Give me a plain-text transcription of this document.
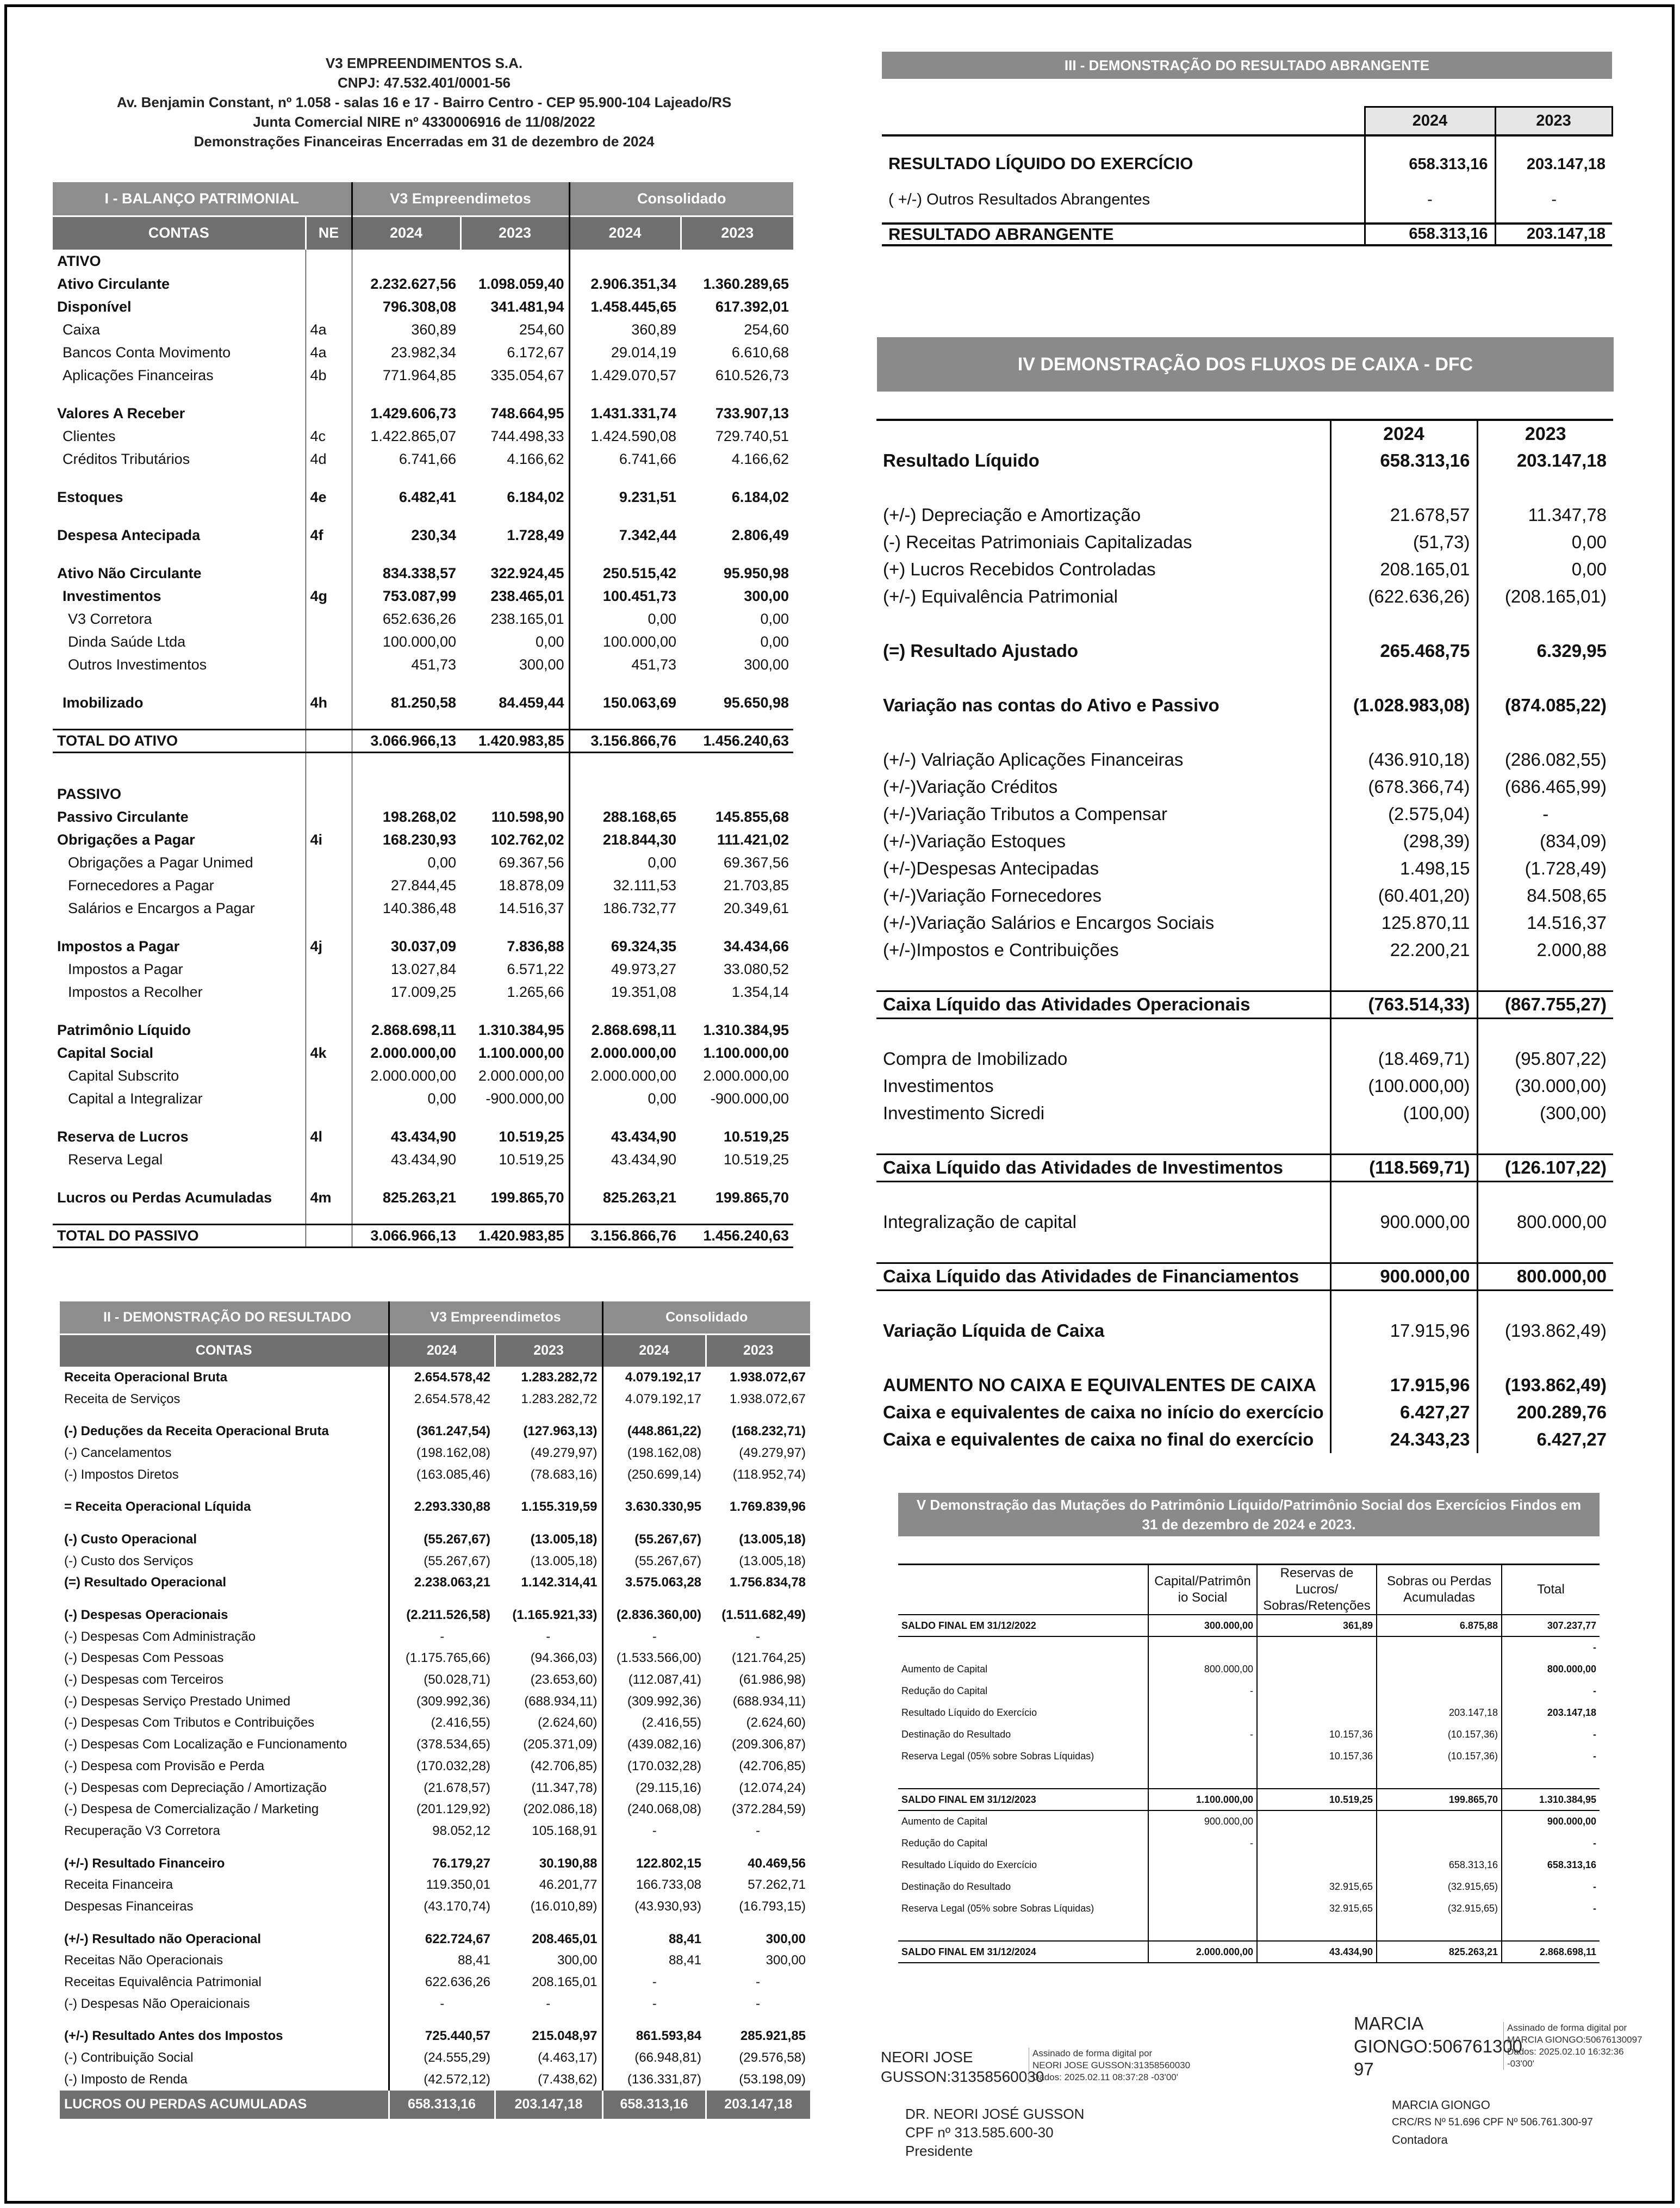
V3 EMPREENDIMENTOS S.A.
CNPJ: 47.532.401/0001-56
Av. Benjamin Constant, nº 1.058 - salas 16 e 17 - Bairro Centro - CEP 95.900-104 Lajeado/RS
Junta Comercial NIRE nº 4330006916 de 11/08/2022
Demonstrações Financeiras Encerradas em 31 de dezembro de 2024
I - BALANÇO PATRIMONIAL		V3 Empreendimetos		Consolidado	
CONTAS	NE	2024	2023	2024	2023
ATIVO					
Ativo Circulante		2.232.627,56	1.098.059,40	2.906.351,34	1.360.289,65
Disponível		796.308,08	341.481,94	1.458.445,65	617.392,01
Caixa	4a	360,89	254,60	360,89	254,60
Bancos Conta Movimento	4a	23.982,34	6.172,67	29.014,19	6.610,68
Aplicações Financeiras	4b	771.964,85	335.054,67	1.429.070,57	610.526,73

Valores A Receber		1.429.606,73	748.664,95	1.431.331,74	733.907,13
Clientes	4c	1.422.865,07	744.498,33	1.424.590,08	729.740,51
Créditos Tributários	4d	6.741,66	4.166,62	6.741,66	4.166,62

Estoques	4e	6.482,41	6.184,02	9.231,51	6.184,02

Despesa Antecipada	4f	230,34	1.728,49	7.342,44	2.806,49

Ativo Não Circulante		834.338,57	322.924,45	250.515,42	95.950,98
Investimentos	4g	753.087,99	238.465,01	100.451,73	300,00
V3 Corretora		652.636,26	238.165,01	0,00	0,00
Dinda Saúde Ltda		100.000,00	0,00	100.000,00	0,00
Outros Investimentos		451,73	300,00	451,73	300,00

Imobilizado	4h	81.250,58	84.459,44	150.063,69	95.650,98

TOTAL DO ATIVO		3.066.966,13	1.420.983,85	3.156.866,76	1.456.240,63

PASSIVO					
Passivo Circulante		198.268,02	110.598,90	288.168,65	145.855,68
Obrigações a Pagar	4i	168.230,93	102.762,02	218.844,30	111.421,02
Obrigações a Pagar Unimed		0,00	69.367,56	0,00	69.367,56
Fornecedores a Pagar		27.844,45	18.878,09	32.111,53	21.703,85
Salários e Encargos a Pagar		140.386,48	14.516,37	186.732,77	20.349,61

Impostos a Pagar	4j	30.037,09	7.836,88	69.324,35	34.434,66
Impostos a Pagar		13.027,84	6.571,22	49.973,27	33.080,52
Impostos a Recolher		17.009,25	1.265,66	19.351,08	1.354,14

Patrimônio Líquido		2.868.698,11	1.310.384,95	2.868.698,11	1.310.384,95
Capital Social	4k	2.000.000,00	1.100.000,00	2.000.000,00	1.100.000,00
Capital Subscrito		2.000.000,00	2.000.000,00	2.000.000,00	2.000.000,00
Capital a Integralizar		0,00	-900.000,00	0,00	-900.000,00

Reserva de Lucros	4l	43.434,90	10.519,25	43.434,90	10.519,25
Reserva Legal		43.434,90	10.519,25	43.434,90	10.519,25

Lucros ou Perdas Acumuladas	4m	825.263,21	199.865,70	825.263,21	199.865,70

TOTAL DO PASSIVO		3.066.966,13	1.420.983,85	3.156.866,76	1.456.240,63
II - DEMONSTRAÇÃO DO RESULTADO	V3 Empreendimetos		Consolidado	
CONTAS	2024	2023	2024	2023
Receita Operacional Bruta	2.654.578,42	1.283.282,72	4.079.192,17	1.938.072,67
Receita de Serviços	2.654.578,42	1.283.282,72	4.079.192,17	1.938.072,67

(-) Deduções da Receita Operacional Bruta	(361.247,54)	(127.963,13)	(448.861,22)	(168.232,71)
(-) Cancelamentos	(198.162,08)	(49.279,97)	(198.162,08)	(49.279,97)
(-) Impostos Diretos	(163.085,46)	(78.683,16)	(250.699,14)	(118.952,74)

= Receita Operacional Líquida	2.293.330,88	1.155.319,59	3.630.330,95	1.769.839,96

(-) Custo Operacional	(55.267,67)	(13.005,18)	(55.267,67)	(13.005,18)
(-) Custo dos Serviços	(55.267,67)	(13.005,18)	(55.267,67)	(13.005,18)
(=) Resultado Operacional	2.238.063,21	1.142.314,41	3.575.063,28	1.756.834,78

(-) Despesas Operacionais	(2.211.526,58)	(1.165.921,33)	(2.836.360,00)	(1.511.682,49)
(-) Despesas Com Administração	-	-	-	-
(-) Despesas Com Pessoas	(1.175.765,66)	(94.366,03)	(1.533.566,00)	(121.764,25)
(-) Despesas com Terceiros	(50.028,71)	(23.653,60)	(112.087,41)	(61.986,98)
(-) Despesas Serviço Prestado Unimed	(309.992,36)	(688.934,11)	(309.992,36)	(688.934,11)
(-) Despesas Com Tributos e Contribuições	(2.416,55)	(2.624,60)	(2.416,55)	(2.624,60)
(-) Despesas Com Localização e Funcionamento	(378.534,65)	(205.371,09)	(439.082,16)	(209.306,87)
(-) Despesa com Provisão e Perda	(170.032,28)	(42.706,85)	(170.032,28)	(42.706,85)
(-) Despesas com Depreciação / Amortização	(21.678,57)	(11.347,78)	(29.115,16)	(12.074,24)
(-) Despesa de Comercialização / Marketing	(201.129,92)	(202.086,18)	(240.068,08)	(372.284,59)
Recuperação V3 Corretora	98.052,12	105.168,91	-	-

(+/-) Resultado Financeiro	76.179,27	30.190,88	122.802,15	40.469,56
Receita Financeira	119.350,01	46.201,77	166.733,08	57.262,71
Despesas Financeiras	(43.170,74)	(16.010,89)	(43.930,93)	(16.793,15)

(+/-) Resultado não Operacional	622.724,67	208.465,01	88,41	300,00
Receitas Não Operacionais	88,41	300,00	88,41	300,00
Receitas Equivalência Patrimonial	622.636,26	208.165,01	-	-
(-) Despesas Não Operaicionais	-	-	-	-

(+/-) Resultado Antes dos Impostos	725.440,57	215.048,97	861.593,84	285.921,85
(-) Contribuição Social	(24.555,29)	(4.463,17)	(66.948,81)	(29.576,58)
(-) Imposto de Renda	(42.572,12)	(7.438,62)	(136.331,87)	(53.198,09)
LUCROS OU PERDAS ACUMULADAS	658.313,16	203.147,18	658.313,16	203.147,18
III - DEMONSTRAÇÃO DO RESULTADO ABRANGENTE
	2024	2023
RESULTADO LÍQUIDO DO EXERCÍCIO	658.313,16	203.147,18
( +/-) Outros Resultados Abrangentes	-	-
RESULTADO ABRANGENTE	658.313,16	203.147,18
IV DEMONSTRAÇÃO DOS FLUXOS DE CAIXA - DFC
	2024	2023
Resultado Líquido	658.313,16	203.147,18

(+/-) Depreciação e Amortização	21.678,57	11.347,78
(-) Receitas Patrimoniais Capitalizadas	(51,73)	0,00
(+) Lucros Recebidos Controladas	208.165,01	0,00
(+/-) Equivalência Patrimonial	(622.636,26)	(208.165,01)

(=) Resultado Ajustado	265.468,75	6.329,95

Variação nas contas do Ativo e Passivo	(1.028.983,08)	(874.085,22)

(+/-) Valriação Aplicações Financeiras	(436.910,18)	(286.082,55)
(+/-)Variação Créditos	(678.366,74)	(686.465,99)
(+/-)Variação Tributos a Compensar	(2.575,04)	-
(+/-)Variação Estoques	(298,39)	(834,09)
(+/-)Despesas Antecipadas	1.498,15	(1.728,49)
(+/-)Variação Fornecedores	(60.401,20)	84.508,65
(+/-)Variação Salários e Encargos Sociais	125.870,11	14.516,37
(+/-)Impostos e Contribuições	22.200,21	2.000,88

Caixa Líquido das Atividades Operacionais	(763.514,33)	(867.755,27)

Compra de Imobilizado	(18.469,71)	(95.807,22)
Investimentos	(100.000,00)	(30.000,00)
Investimento Sicredi	(100,00)	(300,00)

Caixa Líquido das Atividades de Investimentos	(118.569,71)	(126.107,22)

Integralização de capital	900.000,00	800.000,00

Caixa Líquido das Atividades de Financiamentos	900.000,00	800.000,00

Variação Líquida de Caixa	17.915,96	(193.862,49)

AUMENTO NO CAIXA E EQUIVALENTES DE CAIXA	17.915,96	(193.862,49)
Caixa e equivalentes de caixa no início do exercício	6.427,27	200.289,76
Caixa e equivalentes de caixa no final do exercício	24.343,23	6.427,27
V Demonstração das Mutações do Patrimônio Líquido/Patrimônio Social dos Exercícios Findos em 31 de dezembro de 2024 e 2023.
	Capital/Patrimôn io Social	Reservas de Lucros/ Sobras/Retenções	Sobras ou Perdas Acumuladas	Total
SALDO FINAL EM 31/12/2022	300.000,00	361,89	6.875,88	307.237,77
				-
Aumento de Capital	800.000,00			800.000,00
Redução do Capital	-			-
Resultado Líquido do Exercício			203.147,18	203.147,18
Destinação do Resultado	-	10.157,36	(10.157,36)	-
Reserva Legal (05% sobre Sobras Líquidas)		10.157,36	(10.157,36)	-

SALDO FINAL EM 31/12/2023	1.100.000,00	10.519,25	199.865,70	1.310.384,95
Aumento de Capital	900.000,00			900.000,00
Redução do Capital	-			-
Resultado Líquido do Exercício			658.313,16	658.313,16
Destinação do Resultado		32.915,65	(32.915,65)	-
Reserva Legal (05% sobre Sobras Líquidas)		32.915,65	(32.915,65)	-

SALDO FINAL EM 31/12/2024	2.000.000,00	43.434,90	825.263,21	2.868.698,11
NEORI JOSE
GUSSON:31358560030
Assinado de forma digital por
NEORI JOSE GUSSON:31358560030
Dados: 2025.02.11 08:37:28 -03'00'
DR. NEORI JOSÉ GUSSON
CPF nº 313.585.600-30
Presidente
MARCIA
GIONGO:506761300
97
Assinado de forma digital por
MARCIA GIONGO:50676130097
Dados: 2025.02.10 16:32:36
-03'00'
MARCIA GIONGO
CRC/RS Nº 51.696 CPF Nº 506.761.300-97
Contadora
